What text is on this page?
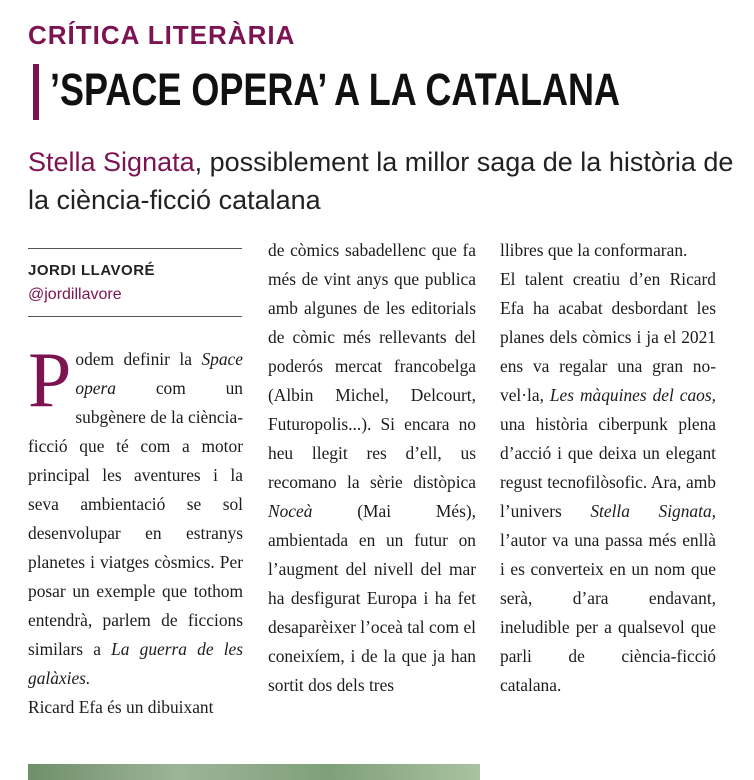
CRÍTICA LITERÀRIA
’SPACE OPERA’ A LA CATALANA
Stella Signata, possiblement la millor saga de la història de la ciència-ficció catalana
JORDI LLAVORÉ
@jordillavore

Podem definir la Space opera com un subgènere de la ciència-ficció que té com a motor principal les aventures i la seva ambientació se sol desenvolupar en estranys planetes i viatges còsmics. Per posar un exemple que tothom entendrà, parlem de ficcions similars a La guerra de les galàxies.
Ricard Efa és un dibuixant

de còmics sabadellenc que fa més de vint anys que publica amb algunes de les editorials de còmic més rellevants del poderós mercat francobelga (Albin Michel, Delcourt, Futuropolis...). Si encara no heu llegit res d’ell, us recomano la sèrie distòpica Noceà (Mai Més), ambientada en un futur on l’augment del nivell del mar ha desfigurat Europa i ha fet desaparèixer l’oceà tal com el coneixíem, i de la que ja han sortit dos dels tres

llibres que la conformaran.

El talent creatiu d’en Ricard Efa ha acabat desbordant les planes dels còmics i ja el 2021 ens va regalar una gran novel·la, Les màquines del caos, una història ciberpunk plena d’acció i que deixa un elegant regust tecnofilòsofic. Ara, amb l’univers Stella Signata, l’autor va una passa més enllà i es converteix en un nom que serà, d’ara endavant, ineludible per a qualsevol que parli de ciència-ficció catalana.
